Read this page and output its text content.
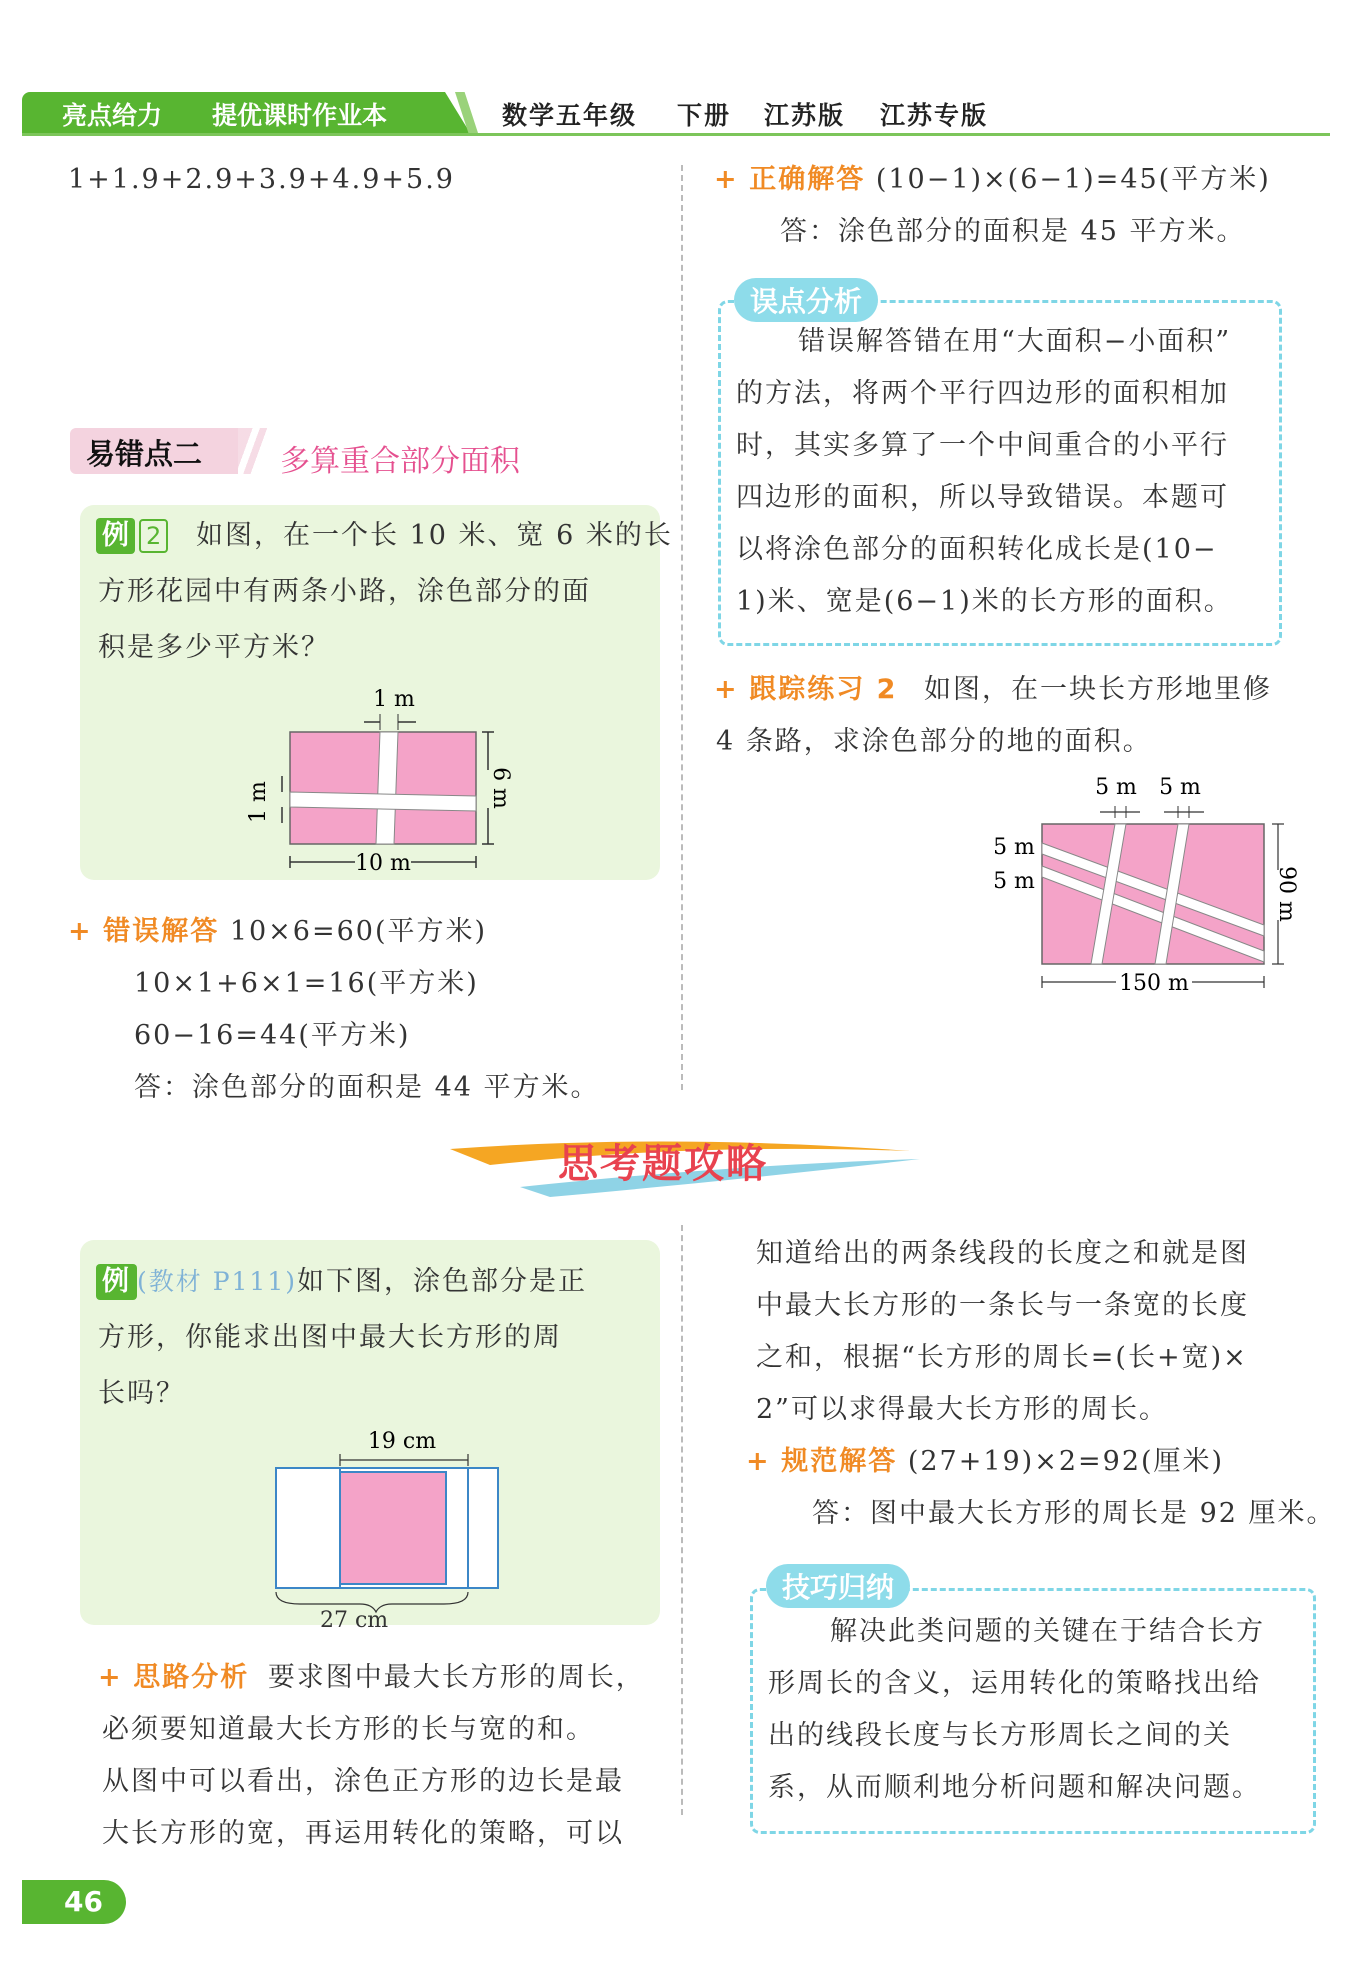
亮点给力 提优课时作业本	数学五年级 下册 江苏版 江苏专版
1+1.9+2.9+3.9+4.9+5.9
易错点二	多算重合部分面积
例 2 如图，在一个长 10 米、宽 6 米的长
方形花园中有两条小路，涂色部分的面
积是多少平方米？
1 m
1 m	6 m
10 m
+ 错误解答 10×6=60(平方米)
10×1+6×1=16(平方米)
60−16=44(平方米)
答：涂色部分的面积是 44 平方米。
+ 正确解答 (10−1)×(6−1)=45(平方米)
答：涂色部分的面积是 45 平方米。
误点分析
错误解答错在用“大面积−小面积”
的方法，将两个平行四边形的面积相加
时，其实多算了一个中间重合的小平行
四边形的面积，所以导致错误。本题可
以将涂色部分的面积转化成长是(10−
1)米、宽是(6−1)米的长方形的面积。
+ 跟踪练习 2 如图，在一块长方形地里修
4 条路，求涂色部分的地的面积。
5 m 5 m
5 m
5 m	90 m
150 m
思考题攻略
例 (教材 P111)如下图，涂色部分是正
方形，你能求出图中最大长方形的周
长吗？
19 cm
27 cm
+ 思路分析 要求图中最大长方形的周长，
必须要知道最大长方形的长与宽的和。
从图中可以看出，涂色正方形的边长是最
大长方形的宽，再运用转化的策略，可以
知道给出的两条线段的长度之和就是图
中最大长方形的一条长与一条宽的长度
之和，根据“长方形的周长=(长+宽)×
2”可以求得最大长方形的周长。
+ 规范解答 (27+19)×2=92(厘米)
答：图中最大长方形的周长是 92 厘米。
技巧归纳
解决此类问题的关键在于结合长方
形周长的含义，运用转化的策略找出给
出的线段长度与长方形周长之间的关
系，从而顺利地分析问题和解决问题。
46
